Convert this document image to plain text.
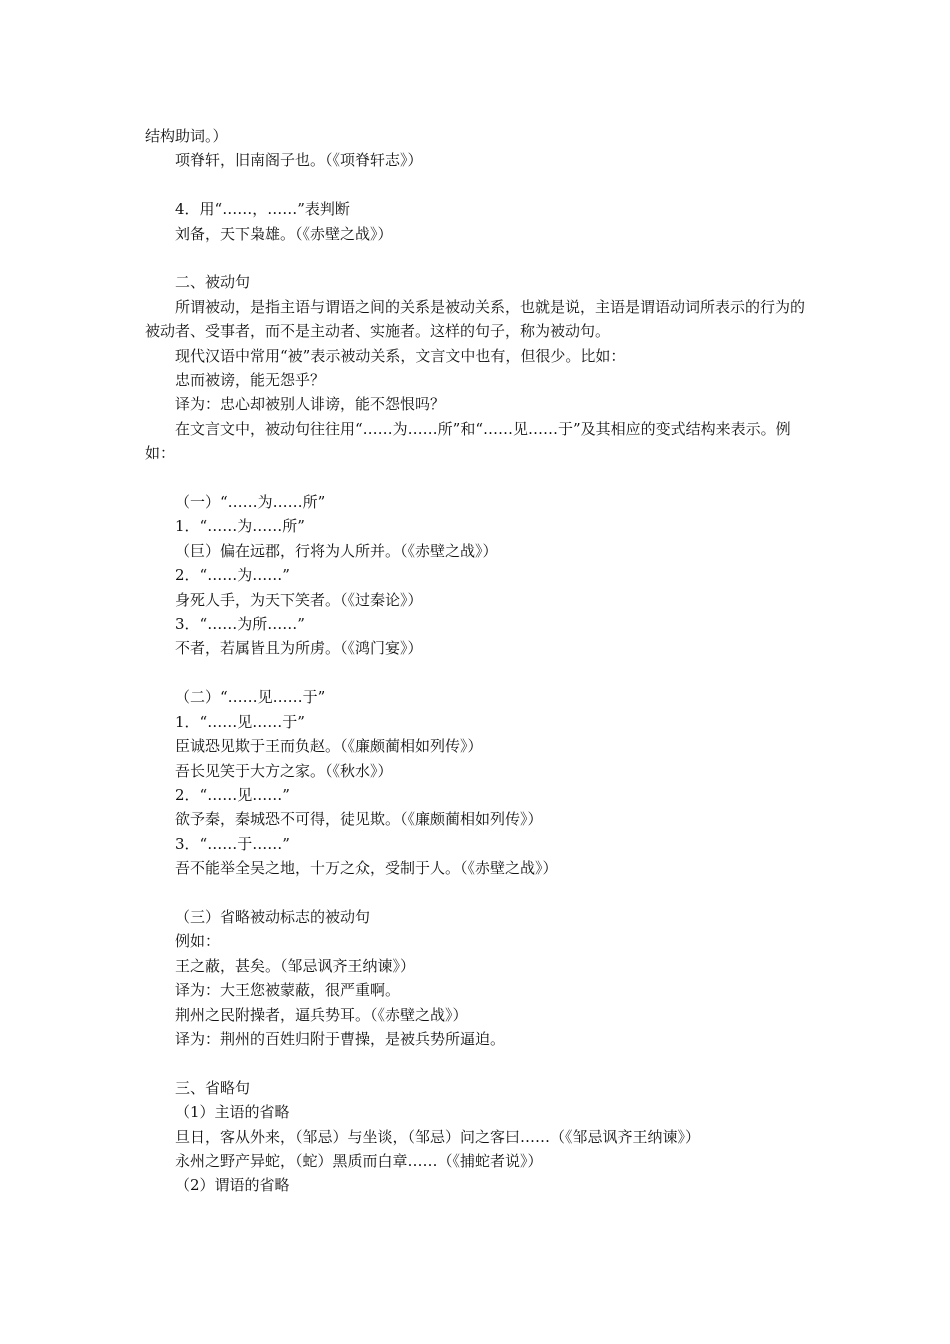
结构助词。）
项脊轩，旧南阁子也。（《项脊轩志》）
4．用“……，……”表判断
刘备，天下枭雄。（《赤壁之战》）
二、被动句
所谓被动，是指主语与谓语之间的关系是被动关系，也就是说，主语是谓语动词所表示的行为的被动者、受事者，而不是主动者、实施者。这样的句子，称为被动句。
现代汉语中常用“被”表示被动关系，文言文中也有，但很少。比如：
忠而被谤，能无怨乎？
译为：忠心却被别人诽谤，能不怨恨吗？
在文言文中，被动句往往用“……为……所”和“……见……于”及其相应的变式结构来表示。例如：
（一）“……为……所”
1．“……为……所”
（巨）偏在远郡，行将为人所并。（《赤壁之战》）
2．“……为……”
身死人手，为天下笑者。（《过秦论》）
3．“……为所……”
不者，若属皆且为所虏。（《鸿门宴》）
（二）“……见……于”
1．“……见……于”
臣诚恐见欺于王而负赵。（《廉颇蔺相如列传》）
吾长见笑于大方之家。（《秋水》）
2．“……见……”
欲予秦，秦城恐不可得，徒见欺。（《廉颇蔺相如列传》）
3．“……于……”
吾不能举全吴之地，十万之众，受制于人。（《赤壁之战》）
（三）省略被动标志的被动句
例如：
王之蔽，甚矣。（邹忌讽齐王纳谏》）
译为：大王您被蒙蔽，很严重啊。
荆州之民附操者，逼兵势耳。（《赤壁之战》）
译为：荆州的百姓归附于曹操，是被兵势所逼迫。
三、省略句
（1）主语的省略
旦日，客从外来，（邹忌）与坐谈，（邹忌）问之客曰……（《邹忌讽齐王纳谏》）
永州之野产异蛇，（蛇）黑质而白章……（《捕蛇者说》）
（2）谓语的省略
